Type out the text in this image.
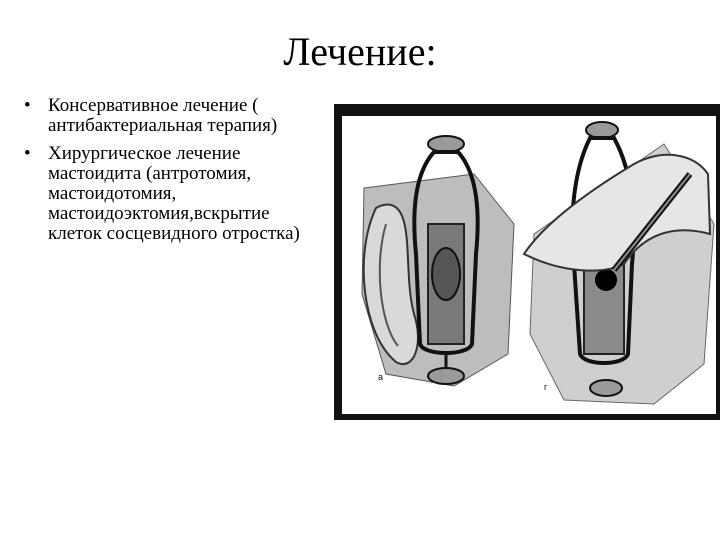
Лечение:
• Консервативное лечение (
антибактериальная терапия)
• Хирургическое лечение
мастоидита (антротомия,
мастоидотомия,
мастоидоэктомия,вскрытие
клеток сосцевидного отростка)
а
г
